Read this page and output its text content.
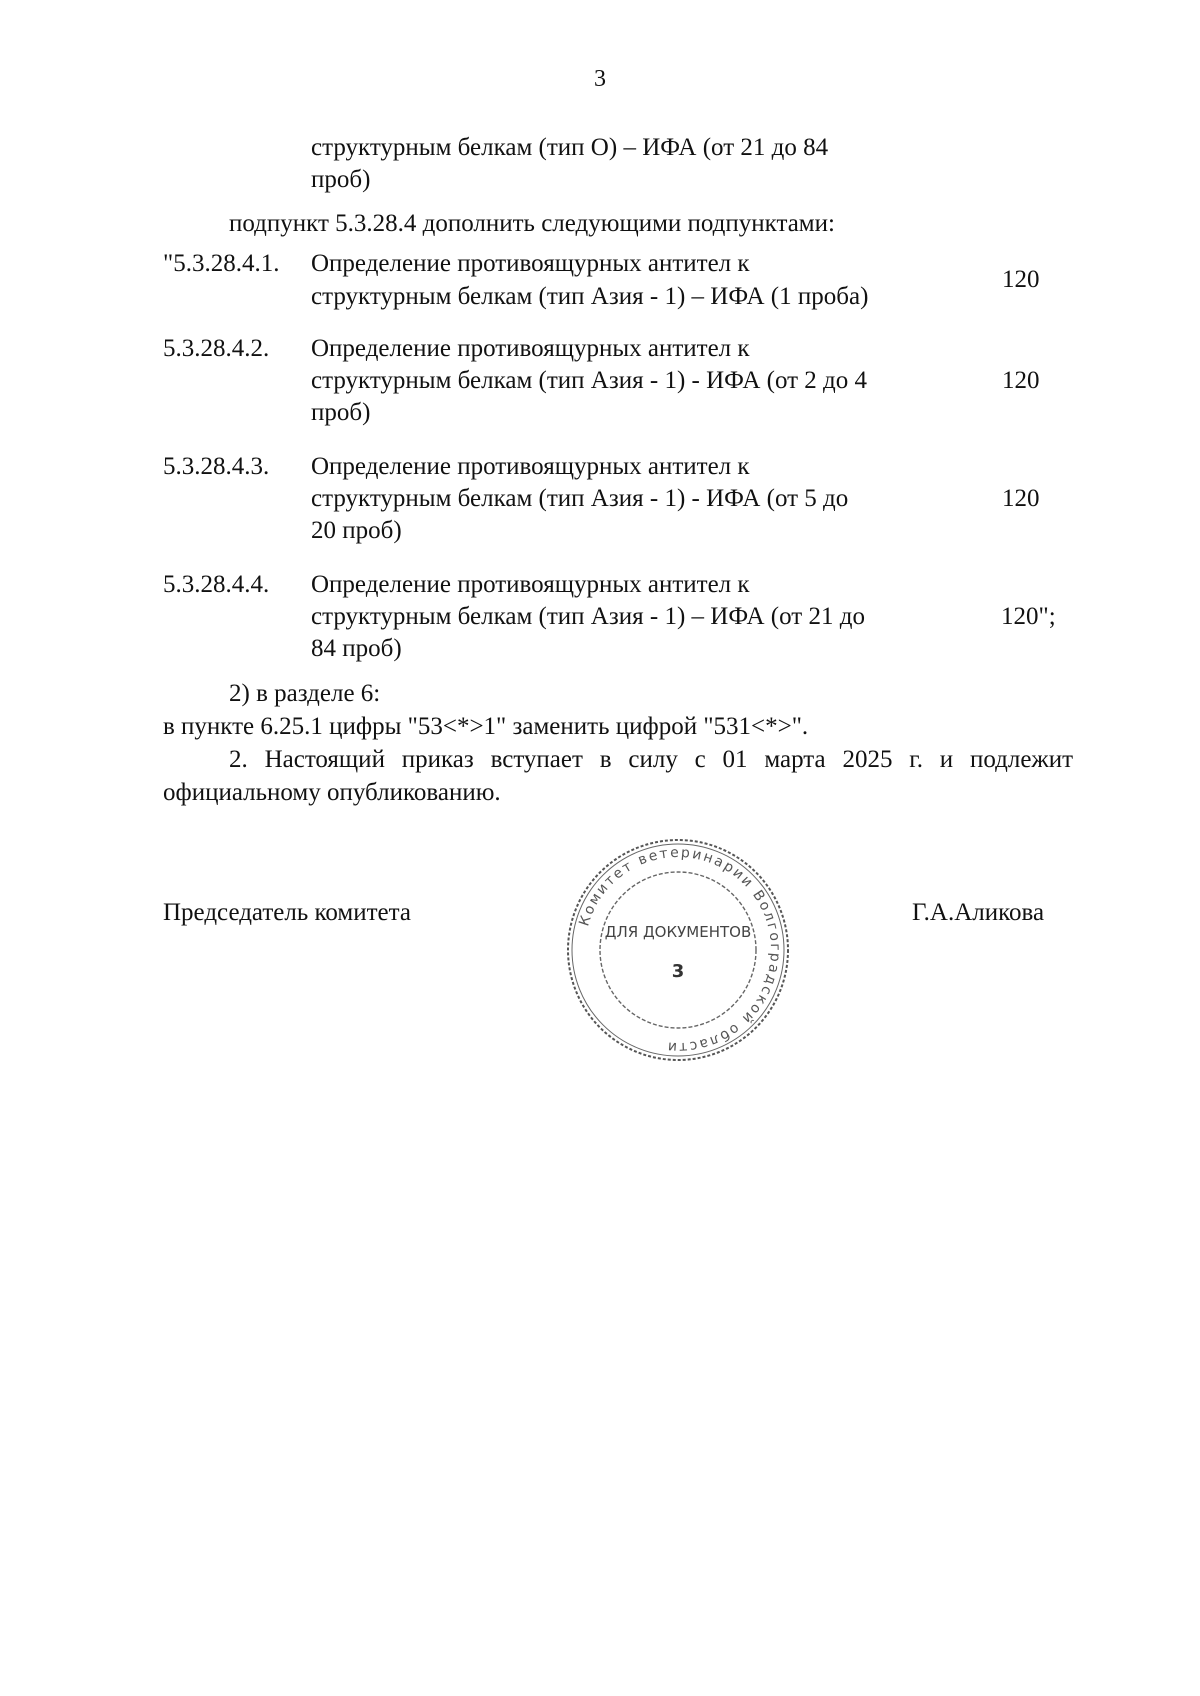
3
структурным белкам (тип О) – ИФА (от 21 до 84
проб)
подпункт 5.3.28.4 дополнить следующими подпунктами:
"5.3.28.4.1. Определение противоящурных антител к
структурным белкам (тип Азия - 1) – ИФА (1 проба)
120
5.3.28.4.2. Определение противоящурных антител к
структурным белкам (тип Азия - 1) - ИФА (от 2 до 4
проб)
120
5.3.28.4.3. Определение противоящурных антител к
структурным белкам (тип Азия - 1) - ИФА (от 5 до
20 проб)
120
5.3.28.4.4. Определение противоящурных антител к
структурным белкам (тип Азия - 1) – ИФА (от 21 до
84 проб)
120";
2) в разделе 6:
в пункте 6.25.1 цифры "53<*>1" заменить цифрой "531<*>".
2. Настоящий приказ вступает в силу с 01 марта 2025 г. и подлежит
официальному опубликованию.
Председатель комитета	Г.А.Аликова
Комитет ветеринарии Волгоградской области
ДЛЯ ДОКУМЕНТОВ
3
